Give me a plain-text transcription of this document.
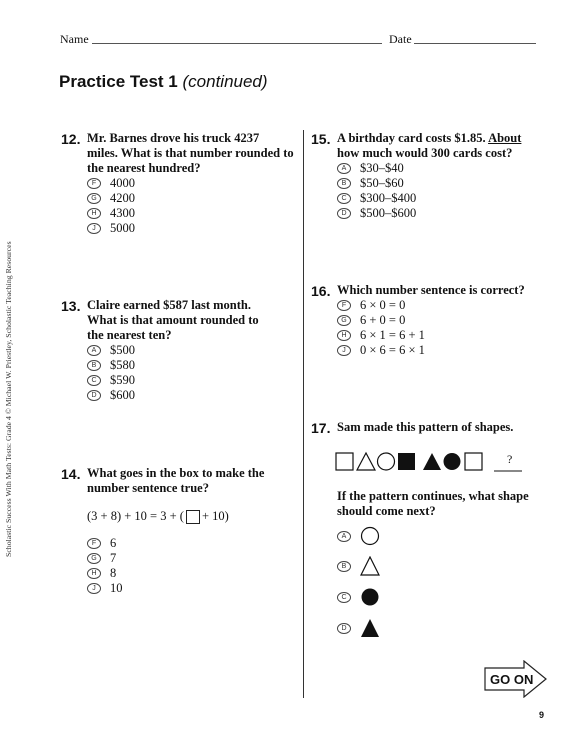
Name	Date
Practice Test 1 (continued)
Scholastic Success With Math Tests: Grade 4 © Michael W. Priestley, Scholastic Teaching Resources
12. Mr. Barnes drove his truck 4237
miles. What is that number rounded to
the nearest hundred?
F	4000
G	4200
H	4300
J	5000
13. Claire earned $587 last month.
What is that amount rounded to
the nearest ten?
A	$500
B	$580
C	$590
D	$600
14. What goes in the box to make the
number sentence true?
(3 + 8) + 10 = 3 + ( + 10)
F	6
G	7
H	8
J	10
15. A birthday card costs $1.85. About
how much would 300 cards cost?
A	$30–$40
B	$50–$60
C	$300–$400
D	$500–$600
16. Which number sentence is correct?
F	6 × 0 = 0
G	6 + 0 = 0
H	6 × 1 = 6 + 1
J	0 × 6 = 6 × 1
17. Sam made this pattern of shapes.
?
If the pattern continues, what shape
should come next?
A
B
C
D
GO ON
9
